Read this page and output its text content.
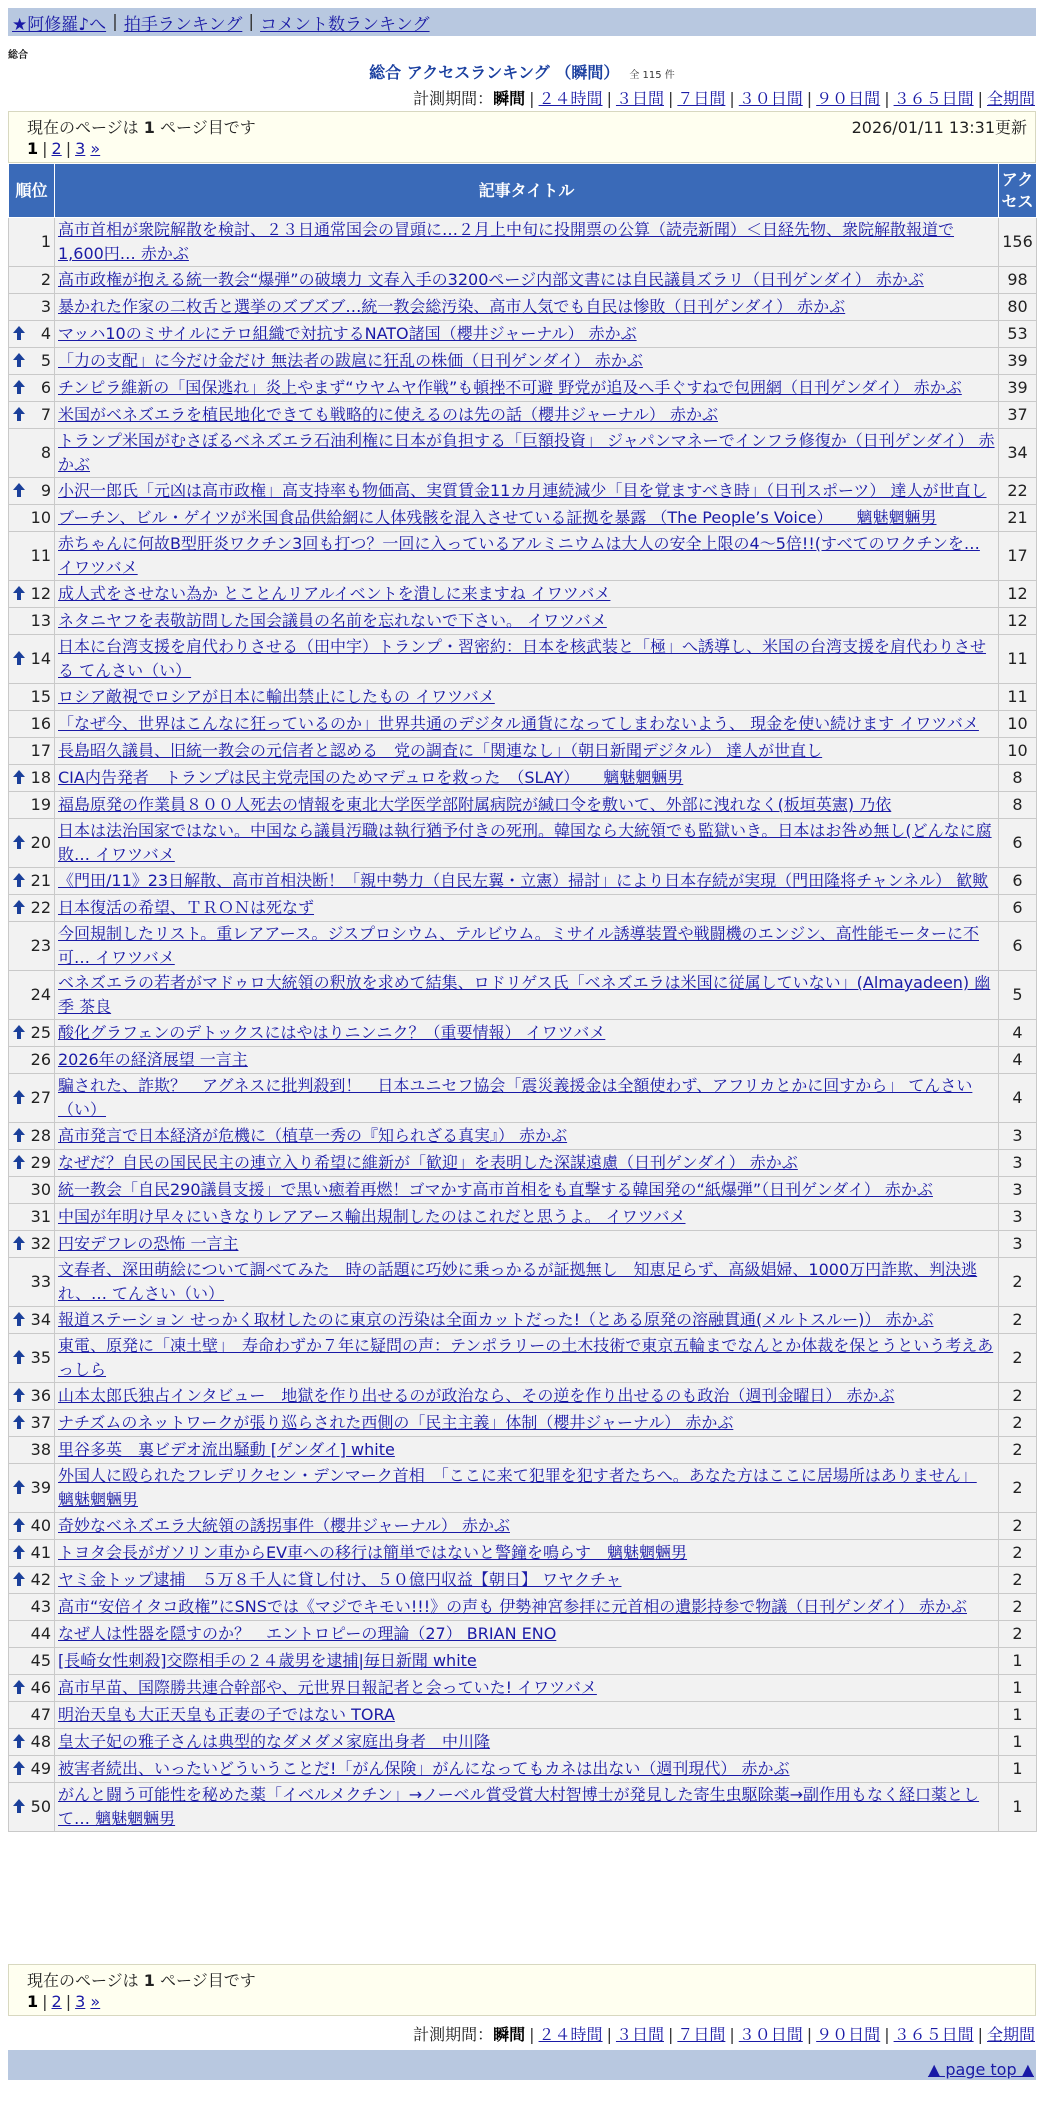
★阿修羅♪へ | 拍手ランキング | コメント数ランキング
総合
総合 アクセスランキング （瞬間） 全 115 件
計測期間：瞬間 | ２４時間 | ３日間 | ７日間 | ３０日間 | ９０日間 | ３６５日間 | 全期間
現在のページは 1 ページ目です	2026/01/11 13:31更新
1 | 2 | 3 »
順位	記事タイトル	アク
セス
1	高市首相が衆院解散を検討、２３日通常国会の冒頭に…２月上中旬に投開票の公算（読売新聞）＜日経先物、衆院解散報道で1,600円… 赤かぶ	156
2	高市政権が抱える統一教会“爆弾”の破壊力 文春入手の3200ページ内部文書には自民議員ズラリ（日刊ゲンダイ） 赤かぶ	98
3	暴かれた作家の二枚舌と選挙のズブズブ…統一教会総汚染、高市人気でも自民は惨敗（日刊ゲンダイ） 赤かぶ	80

4	マッハ10のミサイルにテロ組織で対抗するNATO諸国（櫻井ジャーナル） 赤かぶ	53

5	「力の支配」に今だけ金だけ 無法者の跋扈に狂乱の株価（日刊ゲンダイ） 赤かぶ	39

6	チンピラ維新の「国保逃れ」炎上やまず“ウヤムヤ作戦”も頓挫不可避 野党が追及へ手ぐすねで包囲網（日刊ゲンダイ） 赤かぶ	39

7	米国がベネズエラを植民地化できても戦略的に使えるのは先の話（櫻井ジャーナル） 赤かぶ	37
8	トランプ米国がむさぼるベネズエラ石油利権に日本が負担する「巨額投資」 ジャパンマネーでインフラ修復か（日刊ゲンダイ） 赤かぶ	34

9	小沢一郎氏「元凶は高市政権」高支持率も物価高、実質賃金11カ月連続減少「目を覚ますべき時」（日刊スポーツ） 達人が世直し	22
10	ブーチン、ビル・ゲイツが米国食品供給網に人体残骸を混入させている証拠を暴露 （The People’s Voice）　　魑魅魍魎男	21
11	赤ちゃんに何故B型肝炎ワクチン3回も打つ？一回に入っているアルミニウムは大人の安全上限の4～5倍!!(すべてのワクチンを… イワツバメ	17

12	成人式をさせない為か とことんリアルイベントを潰しに来ますね イワツバメ	12
13	ネタニヤフを表敬訪問した国会議員の名前を忘れないで下さい。 イワツバメ	12

14	日本に台湾支援を肩代わりさせる（田中宇）トランプ・習密約：日本を核武装と「極」へ誘導し、米国の台湾支援を肩代わりさせる てんさい（い）	11
15	ロシア敵視でロシアが日本に輸出禁止にしたもの イワツバメ	11
16	「なぜ今、世界はこんなに狂っているのか」世界共通のデジタル通貨になってしまわないよう、 現金を使い続けます イワツバメ	10
17	長島昭久議員、旧統一教会の元信者と認める　党の調査に「関連なし」（朝日新聞デジタル） 達人が世直し	10

18	CIA内告発者　トランプは民主党売国のためマデュロを救った　（SLAY）　　魑魅魍魎男	8
19	福島原発の作業員８００人死去の情報を東北大学医学部附属病院が緘口令を敷いて、外部に洩れなく(板垣英憲) 乃依	8

20	日本は法治国家ではない。中国なら議員汚職は執行猶予付きの死刑。韓国なら大統領でも監獄いき。日本はお咎め無し(どんなに腐敗… イワツバメ	6

21	《門田/11》23日解散、高市首相決断！「親中勢力（自民左翼・立憲）掃討」により日本存続が実現（門田隆将チャンネル） 歓歟	6

22	日本復活の希望、ＴＲＯＮは死なず	6
23	今回規制したリスト。重レアアース。ジスプロシウム、テルビウム。ミサイル誘導装置や戦闘機のエンジン、高性能モーターに不可… イワツバメ	6
24	ベネズエラの若者がマドゥロ大統領の釈放を求めて結集、ロドリゲス氏「ベネズエラは米国に従属していない」(Almayadeen) 幽季 茶良	5

25	酸化グラフェンのデトックスにはやはりニンニク？（重要情報） イワツバメ	4
26	2026年の経済展望 一言主	4

27	騙された、詐欺？　アグネスに批判殺到！　日本ユニセフ協会「震災義援金は全額使わず、アフリカとかに回すから」 てんさい（い）	4

28	高市発言で日本経済が危機に（植草一秀の『知られざる真実』） 赤かぶ	3

29	なぜだ？自民の国民民主の連立入り希望に維新が「歓迎」を表明した深謀遠慮（日刊ゲンダイ） 赤かぶ	3
30	統一教会「自民290議員支援」で黒い癒着再燃！ゴマかす高市首相をも直撃する韓国発の“紙爆弾”（日刊ゲンダイ） 赤かぶ	3
31	中国が年明け早々にいきなりレアアース輸出規制したのはこれだと思うよ。 イワツバメ	3

32	円安デフレの恐怖 一言主	3
33	文春者、深田萌絵について調べてみた　時の話題に巧妙に乗っかるが証拠無し　知恵足らず、高級娼婦、1000万円詐欺、判決逃れ、… てんさい（い）	2

34	報道ステーション せっかく取材したのに東京の汚染は全面カットだった!（とある原発の溶融貫通(メルトスルー)） 赤かぶ	2

35	東電、原発に「凍土壁」　寿命わずか７年に疑問の声：テンポラリーの土木技術で東京五輪までなんとか体裁を保とうという考えあっしら	2

36	山本太郎氏独占インタビュー　地獄を作り出せるのが政治なら、その逆を作り出せるのも政治（週刊金曜日） 赤かぶ	2

37	ナチズムのネットワークが張り巡らされた西側の「民主主義」体制（櫻井ジャーナル） 赤かぶ	2
38	里谷多英　裏ビデオ流出騒動 [ゲンダイ] white	2

39	外国人に殴られたフレデリクセン・デンマーク首相　「ここに来て犯罪を犯す者たちへ。あなた方はここに居場所はありません」 魑魅魍魎男	2

40	奇妙なベネズエラ大統領の誘拐事件（櫻井ジャーナル） 赤かぶ	2

41	トヨタ会長がガソリン車からEV車への移行は簡単ではないと警鐘を鳴らす　魑魅魍魎男	2

42	ヤミ金トップ逮捕　５万８千人に貸し付け、５０億円収益【朝日】 ワヤクチャ	2
43	高市“安倍イタコ政権”にSNSでは《マジでキモい!!!》の声も 伊勢神宮参拝に元首相の遺影持参で物議（日刊ゲンダイ） 赤かぶ	2
44	なぜ人は性器を隠すのか？　エントロピーの理論（27） BRIAN ENO	2
45	[長崎女性刺殺]交際相手の２４歳男を逮捕|毎日新聞 white	1

46	高市早苗、国際勝共連合幹部や、元世界日報記者と会っていた! イワツバメ	1
47	明治天皇も大正天皇も正妻の子ではない TORA	1

48	皇太子妃の雅子さんは典型的なダメダメ家庭出身者　中川隆	1

49	被害者続出、いったいどういうことだ!「がん保険」がんになってもカネは出ない（週刊現代） 赤かぶ	1

50	がんと闘う可能性を秘めた薬「イベルメクチン」→ノーベル賞受賞大村智博士が発見した寄生虫駆除薬→副作用もなく経口薬として… 魑魅魍魎男	1
現在のページは 1 ページ目です
1 | 2 | 3 »
計測期間：瞬間 | ２４時間 | ３日間 | ７日間 | ３０日間 | ９０日間 | ３６５日間 | 全期間
▲ page top ▲
